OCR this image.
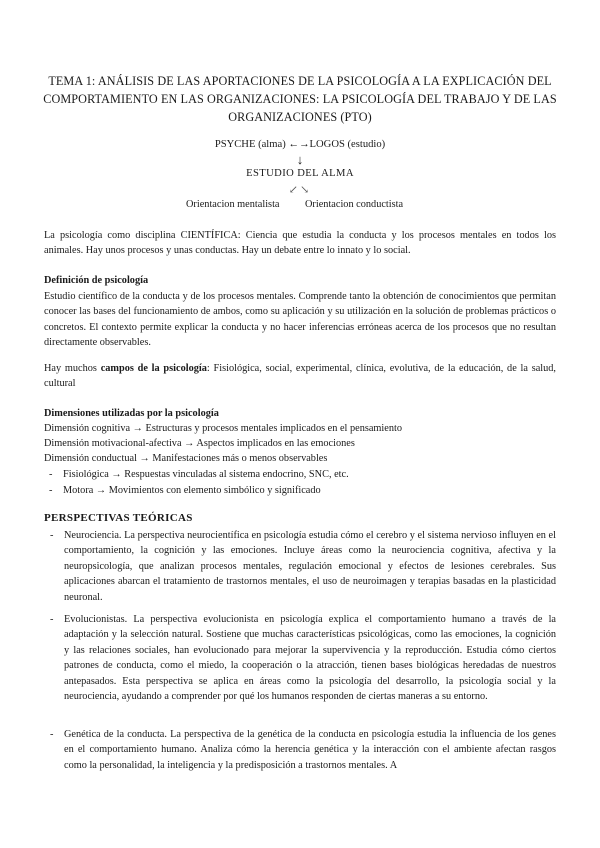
TEMA 1: ANÁLISIS DE LAS APORTACIONES DE LA PSICOLOGÍA A LA EXPLICACIÓN DEL COMPORTAMIENTO EN LAS ORGANIZACIONES: LA PSICOLOGÍA DEL TRABAJO Y DE LAS ORGANIZACIONES (PTO)
PSYCHE (alma) ←→LOGOS (estudio)
↓
ESTUDIO DEL ALMA
↙↘
Orientacion mentalista Orientacion conductista
La psicología como disciplina CIENTÍFICA: Ciencia que estudia la conducta y los procesos mentales en todos los animales. Hay unos procesos y unas conductas. Hay un debate entre lo innato y lo social.
Definición de psicología
Estudio científico de la conducta y de los procesos mentales. Comprende tanto la obtención de conocimientos que permitan conocer las bases del funcionamiento de ambos, como su aplicación y su utilización en la solución de problemas prácticos o concretos. El contexto permite explicar la conducta y no hacer inferencias erróneas acerca de los procesos que no resultan directamente observables.
Hay muchos campos de la psicología: Fisiológica, social, experimental, clínica, evolutiva, de la educación, de la salud, cultural
Dimensiones utilizadas por la psicología
Dimensión cognitiva → Estructuras y procesos mentales implicados en el pensamiento
Dimensión motivacional-afectiva → Aspectos implicados en las emociones
Dimensión conductual → Manifestaciones más o menos observables
- Fisiológica → Respuestas vinculadas al sistema endocrino, SNC, etc.
- Motora → Movimientos con elemento simbólico y significado
PERSPECTIVAS TEÓRICAS
- Neurociencia. La perspectiva neurocientífica en psicología estudia cómo el cerebro y el sistema nervioso influyen en el comportamiento, la cognición y las emociones. Incluye áreas como la neurociencia cognitiva, afectiva y la neuropsicología, que analizan procesos mentales, regulación emocional y efectos de lesiones cerebrales. Sus aplicaciones abarcan el tratamiento de trastornos mentales, el uso de neuroimagen y terapias basadas en la plasticidad neuronal.
- Evolucionistas. La perspectiva evolucionista en psicología explica el comportamiento humano a través de la adaptación y la selección natural. Sostiene que muchas características psicológicas, como las emociones, la cognición y las relaciones sociales, han evolucionado para mejorar la supervivencia y la reproducción. Estudia cómo ciertos patrones de conducta, como el miedo, la cooperación o la atracción, tienen bases biológicas heredadas de nuestros antepasados. Esta perspectiva se aplica en áreas como la psicología del desarrollo, la psicología social y la neurociencia, ayudando a comprender por qué los humanos responden de ciertas maneras a su entorno.
- Genética de la conducta. La perspectiva de la genética de la conducta en psicología estudia la influencia de los genes en el comportamiento humano. Analiza cómo la herencia genética y la interacción con el ambiente afectan rasgos como la personalidad, la inteligencia y la predisposición a trastornos mentales. A
